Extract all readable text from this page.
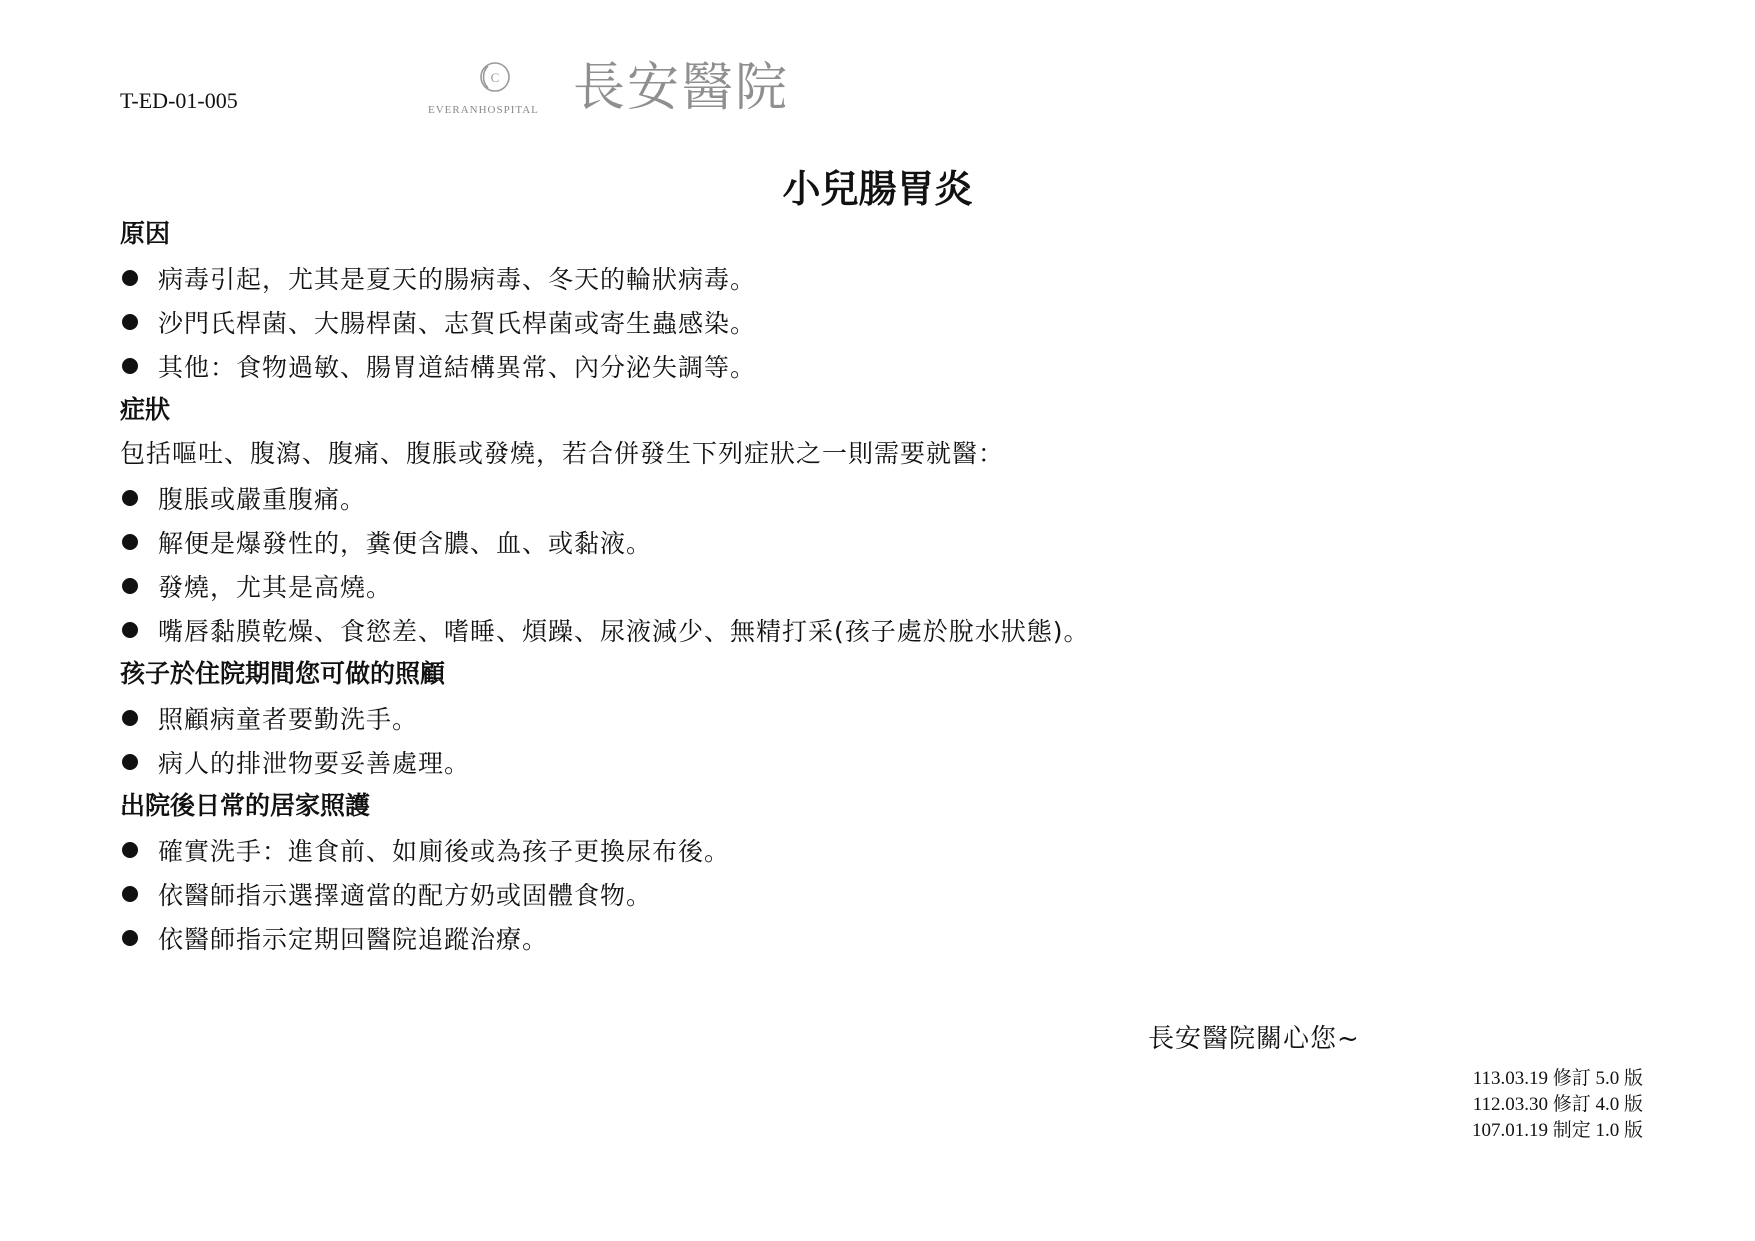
T-ED-01-005
C
EVERANHOSPITAL 長安醫院
小兒腸胃炎
原因
病毒引起，尤其是夏天的腸病毒、冬天的輪狀病毒。
沙門氏桿菌、大腸桿菌、志賀氏桿菌或寄生蟲感染。
其他：食物過敏、腸胃道結構異常、內分泌失調等。
症狀
包括嘔吐、腹瀉、腹痛、腹脹或發燒，若合併發生下列症狀之一則需要就醫：
腹脹或嚴重腹痛。
解便是爆發性的，糞便含膿、血、或黏液。
發燒，尤其是高燒。
嘴唇黏膜乾燥、食慾差、嗜睡、煩躁、尿液減少、無精打采(孩子處於脫水狀態)。
孩子於住院期間您可做的照顧
照顧病童者要勤洗手。
病人的排泄物要妥善處理。
出院後日常的居家照護
確實洗手：進食前、如廁後或為孩子更換尿布後。
依醫師指示選擇適當的配方奶或固體食物。
依醫師指示定期回醫院追蹤治療。
長安醫院關心您~
113.03.19 修訂 5.0 版
112.03.30 修訂 4.0 版
107.01.19 制定 1.0 版
